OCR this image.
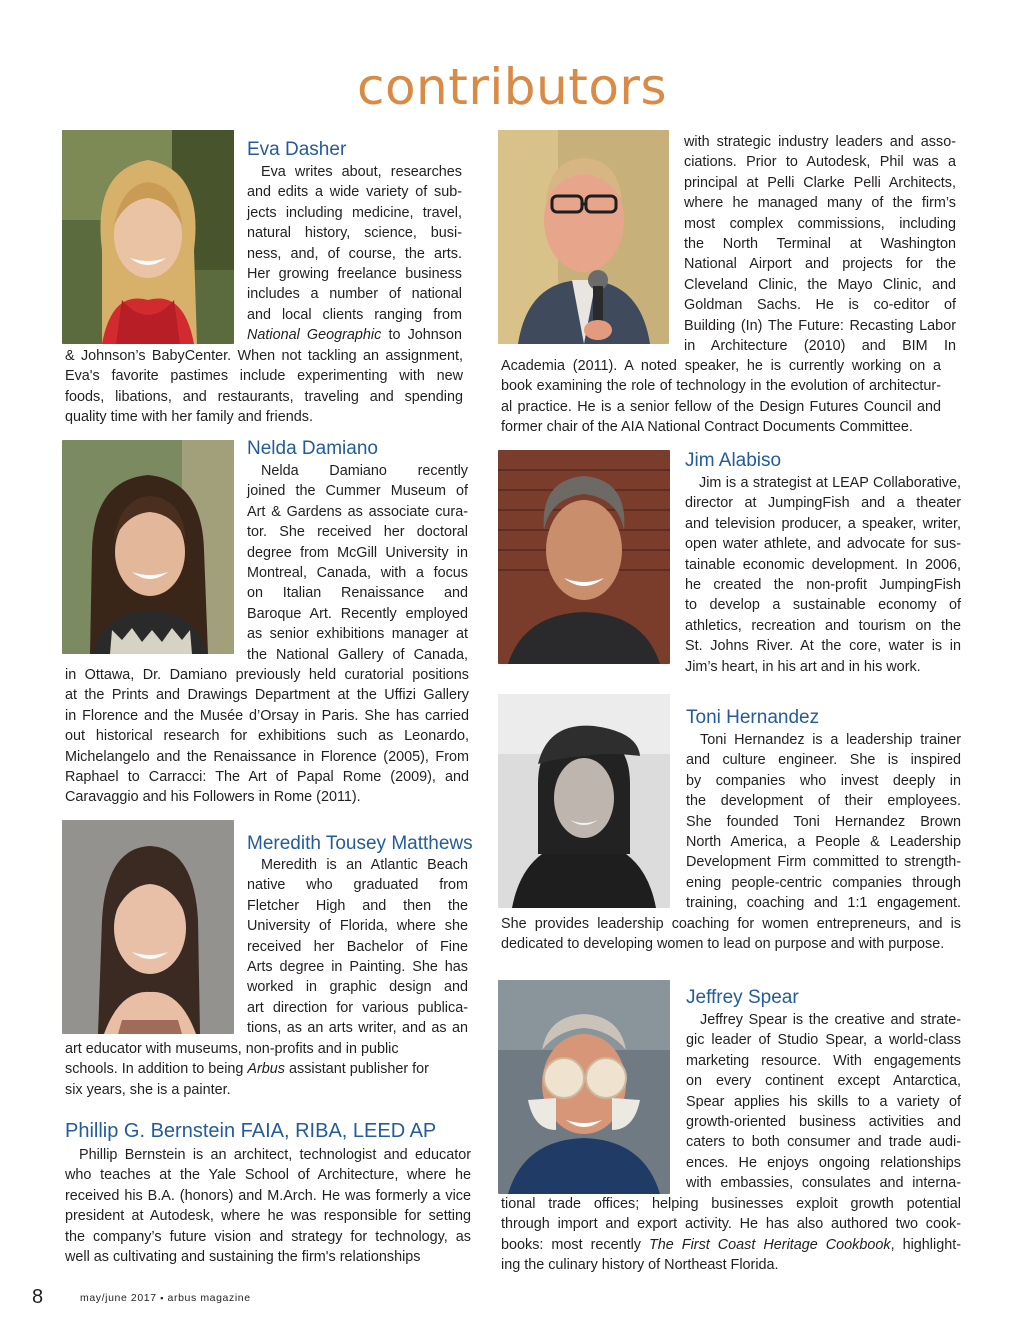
contributors
Eva Dasher
Eva writes about, researches
and edits a wide variety of sub-
jects including medicine, travel,
natural history, science, busi-
ness, and, of course, the arts.
Her growing freelance business
includes a number of national
and local clients ranging from
National Geographic to Johnson
& Johnson’s BabyCenter. When not tackling an assignment,
Eva's favorite pastimes include experimenting with new
foods, libations, and restaurants, traveling and spending
quality time with her family and friends.
Nelda Damiano
Nelda Damiano recently
joined the Cummer Museum of
Art & Gardens as associate cura-
tor. She received her doctoral
degree from McGill University in
Montreal, Canada, with a focus
on Italian Renaissance and
Baroque Art. Recently employed
as senior exhibitions manager at
the National Gallery of Canada,
in Ottawa, Dr. Damiano previously held curatorial positions
at the Prints and Drawings Department at the Uffizi Gallery
in Florence and the Musée d’Orsay in Paris. She has carried
out historical research for exhibitions such as Leonardo,
Michelangelo and the Renaissance in Florence (2005), From
Raphael to Carracci: The Art of Papal Rome (2009), and
Caravaggio and his Followers in Rome (2011).
Meredith Tousey Matthews
Meredith is an Atlantic Beach
native who graduated from
Fletcher High and then the
University of Florida, where she
received her Bachelor of Fine
Arts degree in Painting. She has
worked in graphic design and
art direction for various publica-
tions, as an arts writer, and as an
art educator with museums, non-profits and in public
schools. In addition to being Arbus assistant publisher for
six years, she is a painter.
Phillip G. Bernstein FAIA, RIBA, LEED AP
Phillip Bernstein is an architect, technologist and educator
who teaches at the Yale School of Architecture, where he
received his B.A. (honors) and M.Arch. He was formerly a vice
president at Autodesk, where he was responsible for setting
the company’s future vision and strategy for technology, as
well as cultivating and sustaining the firm's relationships
with strategic industry leaders and asso-
ciations. Prior to Autodesk, Phil was a
principal at Pelli Clarke Pelli Architects,
where he managed many of the firm’s
most complex commissions, including
the North Terminal at Washington
National Airport and projects for the
Cleveland Clinic, the Mayo Clinic, and
Goldman Sachs. He is co-editor of
Building (In) The Future: Recasting Labor
in Architecture (2010) and BIM In
Academia (2011). A noted speaker, he is currently working on a
book examining the role of technology in the evolution of architectur-
al practice. He is a senior fellow of the Design Futures Council and
former chair of the AIA National Contract Documents Committee.
Jim Alabiso
Jim is a strategist at LEAP Collaborative,
director at JumpingFish and a theater
and television producer, a speaker, writer,
open water athlete, and advocate for sus-
tainable economic development. In 2006,
he created the non-profit JumpingFish
to develop a sustainable economy of
athletics, recreation and tourism on the
St. Johns River. At the core, water is in
Jim’s heart, in his art and in his work.
Toni Hernandez
Toni Hernandez is a leadership trainer
and culture engineer. She is inspired
by companies who invest deeply in
the development of their employees.
She founded Toni Hernandez Brown
North America, a People & Leadership
Development Firm committed to strength-
ening people-centric companies through
training, coaching and 1:1 engagement.
She provides leadership coaching for women entrepreneurs, and is
dedicated to developing women to lead on purpose and with purpose.
Jeffrey Spear
Jeffrey Spear is the creative and strate-
gic leader of Studio Spear, a world-class
marketing resource. With engagements
on every continent except Antarctica,
Spear applies his skills to a variety of
growth-oriented business activities and
caters to both consumer and trade audi-
ences. He enjoys ongoing relationships
with embassies, consulates and interna-
tional trade offices; helping businesses exploit growth potential
through import and export activity. He has also authored two cook-
books: most recently The First Coast Heritage Cookbook, highlight-
ing the culinary history of Northeast Florida.
8	may/june 2017 ▪ arbus magazine
